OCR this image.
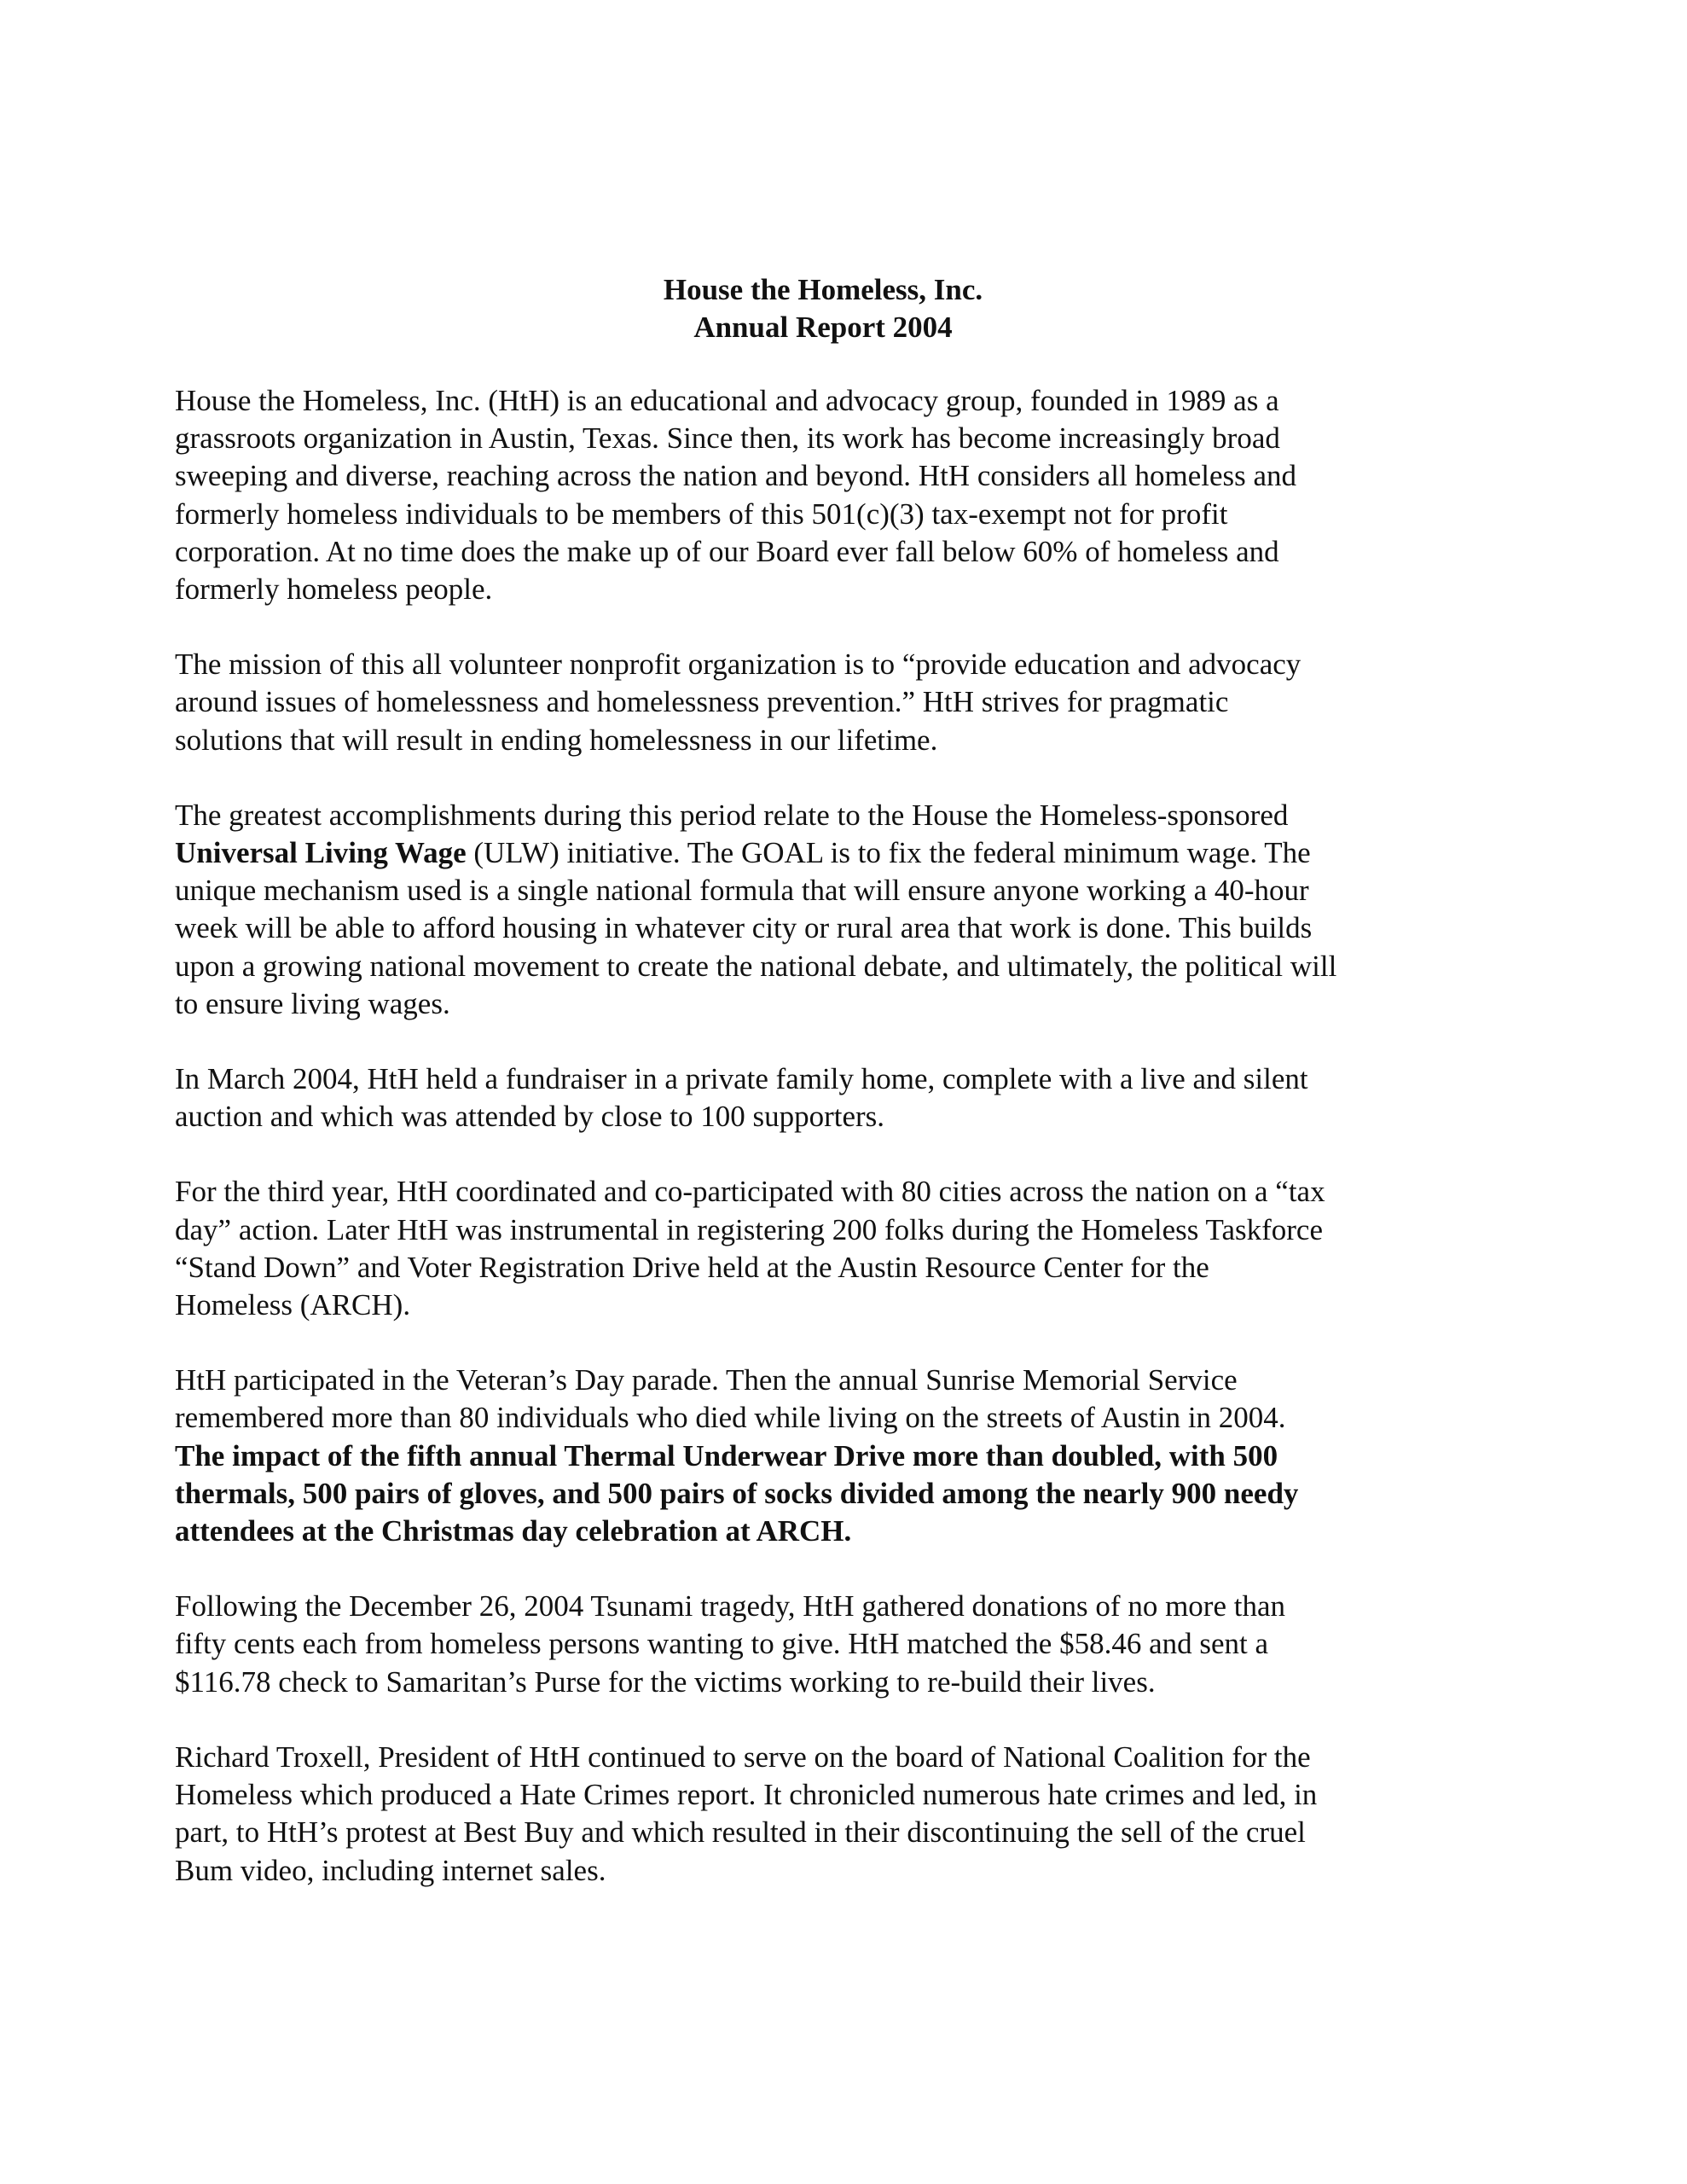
House the Homeless, Inc.
Annual Report 2004

House the Homeless, Inc. (HtH) is an educational and advocacy group, founded in 1989 as a
grassroots organization in Austin, Texas. Since then, its work has become increasingly broad
sweeping and diverse, reaching across the nation and beyond. HtH considers all homeless and
formerly homeless individuals to be members of this 501(c)(3) tax-exempt not for profit
corporation. At no time does the make up of our Board ever fall below 60% of homeless and
formerly homeless people.

The mission of this all volunteer nonprofit organization is to “provide education and advocacy
around issues of homelessness and homelessness prevention.” HtH strives for pragmatic
solutions that will result in ending homelessness in our lifetime.

The greatest accomplishments during this period relate to the House the Homeless-sponsored
Universal Living Wage (ULW) initiative. The GOAL is to fix the federal minimum wage. The
unique mechanism used is a single national formula that will ensure anyone working a 40-hour
week will be able to afford housing in whatever city or rural area that work is done. This builds
upon a growing national movement to create the national debate, and ultimately, the political will
to ensure living wages.

In March 2004, HtH held a fundraiser in a private family home, complete with a live and silent
auction and which was attended by close to 100 supporters.

For the third year, HtH coordinated and co-participated with 80 cities across the nation on a “tax
day” action. Later HtH was instrumental in registering 200 folks during the Homeless Taskforce
“Stand Down” and Voter Registration Drive held at the Austin Resource Center for the
Homeless (ARCH).

HtH participated in the Veteran’s Day parade. Then the annual Sunrise Memorial Service
remembered more than 80 individuals who died while living on the streets of Austin in 2004.
The impact of the fifth annual Thermal Underwear Drive more than doubled, with 500
thermals, 500 pairs of gloves, and 500 pairs of socks divided among the nearly 900 needy
attendees at the Christmas day celebration at ARCH.

Following the December 26, 2004 Tsunami tragedy, HtH gathered donations of no more than
fifty cents each from homeless persons wanting to give. HtH matched the $58.46 and sent a
$116.78 check to Samaritan’s Purse for the victims working to re-build their lives.

Richard Troxell, President of HtH continued to serve on the board of National Coalition for the
Homeless which produced a Hate Crimes report. It chronicled numerous hate crimes and led, in
part, to HtH’s protest at Best Buy and which resulted in their discontinuing the sell of the cruel
Bum video, including internet sales.
